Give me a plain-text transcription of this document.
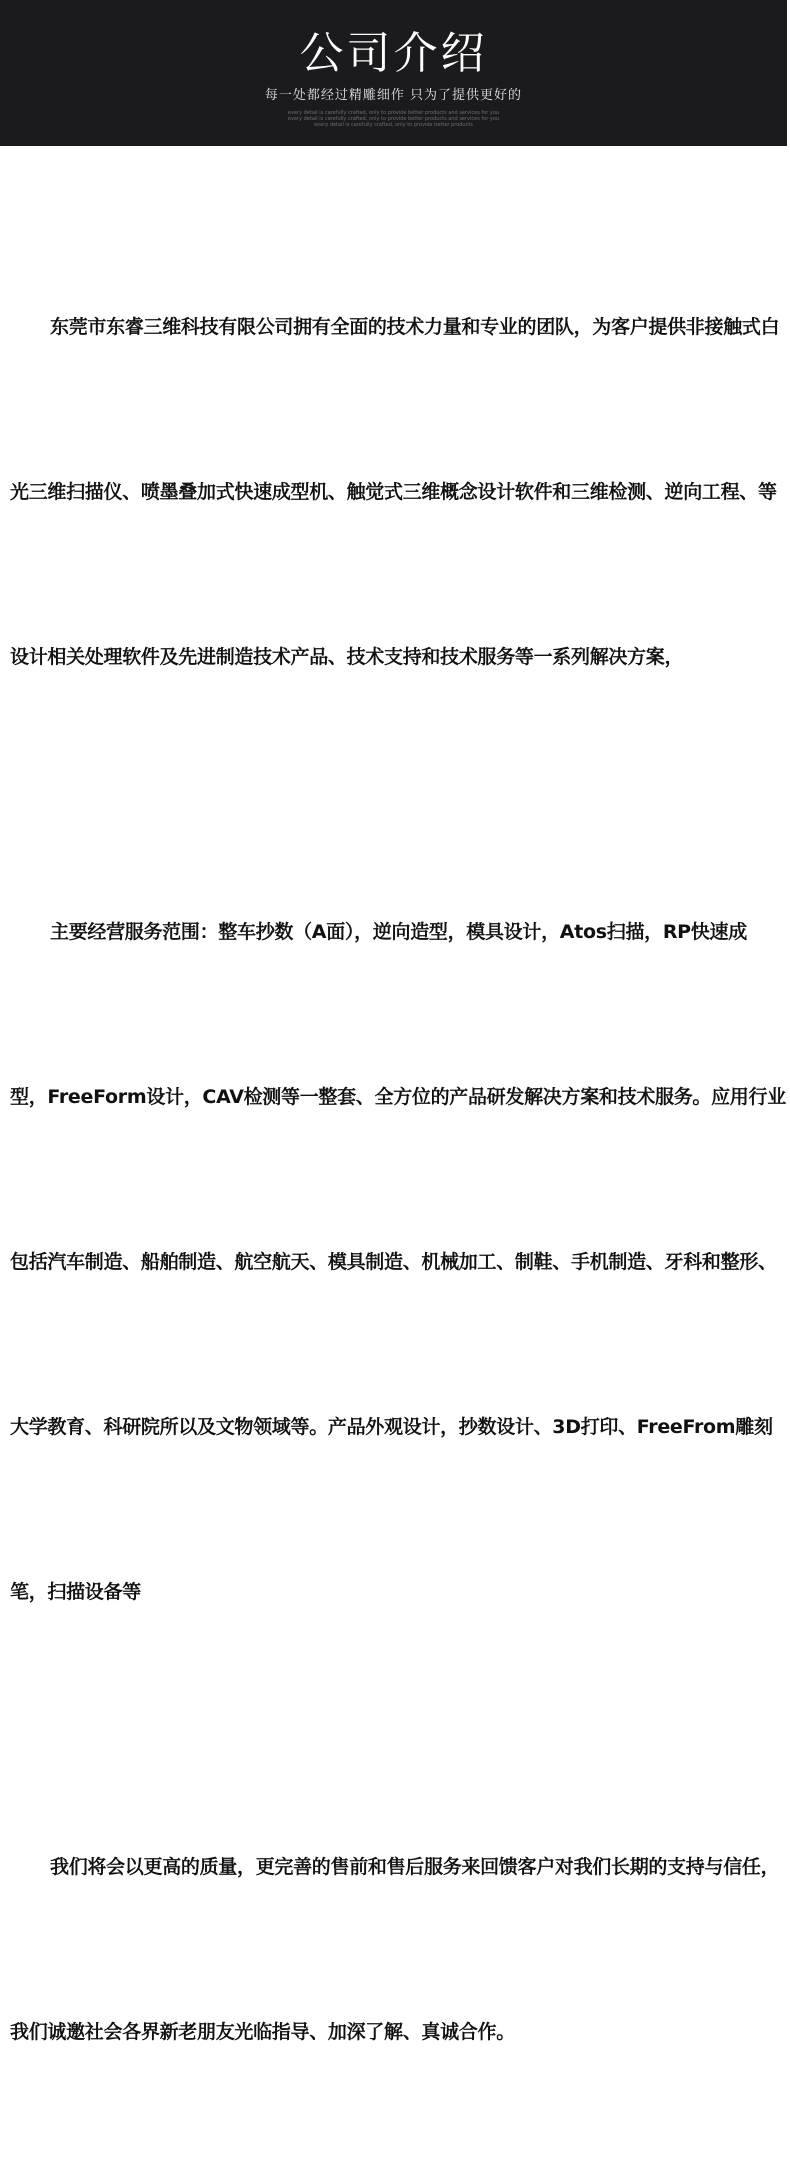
公司介绍
每一处都经过精雕细作 只为了提供更好的
every detail is carefully crafted, only to provide better products and services for you
every detail is carefully crafted, only to provide better products and services for you
every detail is carefully crafted, only to provide better products

东莞市东睿三维科技有限公司拥有全面的技术力量和专业的团队，为客户提供非接触式白

光三维扫描仪、喷墨叠加式快速成型机、触觉式三维概念设计软件和三维检测、逆向工程、等

设计相关处理软件及先进制造技术产品、技术支持和技术服务等一系列解决方案，

主要经营服务范围：整车抄数（A面），逆向造型，模具设计，Atos扫描，RP快速成

型，FreeForm设计，CAV检测等一整套、全方位的产品研发解决方案和技术服务。应用行业

包括汽车制造、船舶制造、航空航天、模具制造、机械加工、制鞋、手机制造、牙科和整形、

大学教育、科研院所以及文物领域等。产品外观设计，抄数设计、3D打印、FreeFrom雕刻

笔，扫描设备等

我们将会以更高的质量，更完善的售前和售后服务来回馈客户对我们长期的支持与信任，

我们诚邀社会各界新老朋友光临指导、加深了解、真诚合作。
